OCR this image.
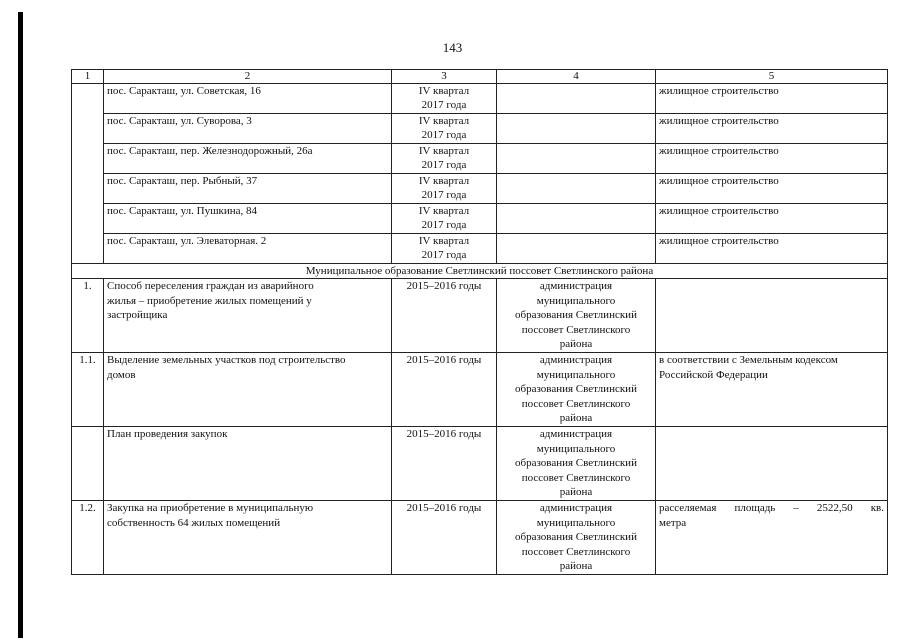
143
1	2	3	4	5

	пос. Саракташ, ул. Советская, 16	IV квартал
2017 года		жилищное строительство

	пос. Саракташ, ул. Суворова, 3	IV квартал
2017 года		жилищное строительство

	пос. Саракташ, пер. Железнодорожный, 26а	IV квартал
2017 года		жилищное строительство

	пос. Саракташ, пер. Рыбный, 37	IV квартал
2017 года		жилищное строительство

	пос. Саракташ, ул. Пушкина, 84	IV квартал
2017 года		жилищное строительство

	пос. Саракташ, ул. Элеваторная. 2	IV квартал
2017 года		жилищное строительство

Муниципальное образование Светлинский поссовет Светлинского района				

1.	Способ переселения граждан из аварийного
жилья – приобретение жилых помещений у
застройщика	2015–2016 годы	администрация
муниципального
образования Светлинский
поссовет Светлинского
района	

1.1.	Выделение земельных участков под строительство
домов	2015–2016 годы	администрация
муниципального
образования Светлинский
поссовет Светлинского
района	в соответствии с Земельным кодексом
Российской Федерации

	План проведения закупок	2015–2016 годы	администрация
муниципального
образования Светлинский
поссовет Светлинского
района	

1.2.	Закупка на приобретение в муниципальную
собственность 64 жилых помещений	2015–2016 годы	администрация
муниципального
образования Светлинский
поссовет Светлинского
района	расселяемая площадь – 2522,50 кв.
метра
